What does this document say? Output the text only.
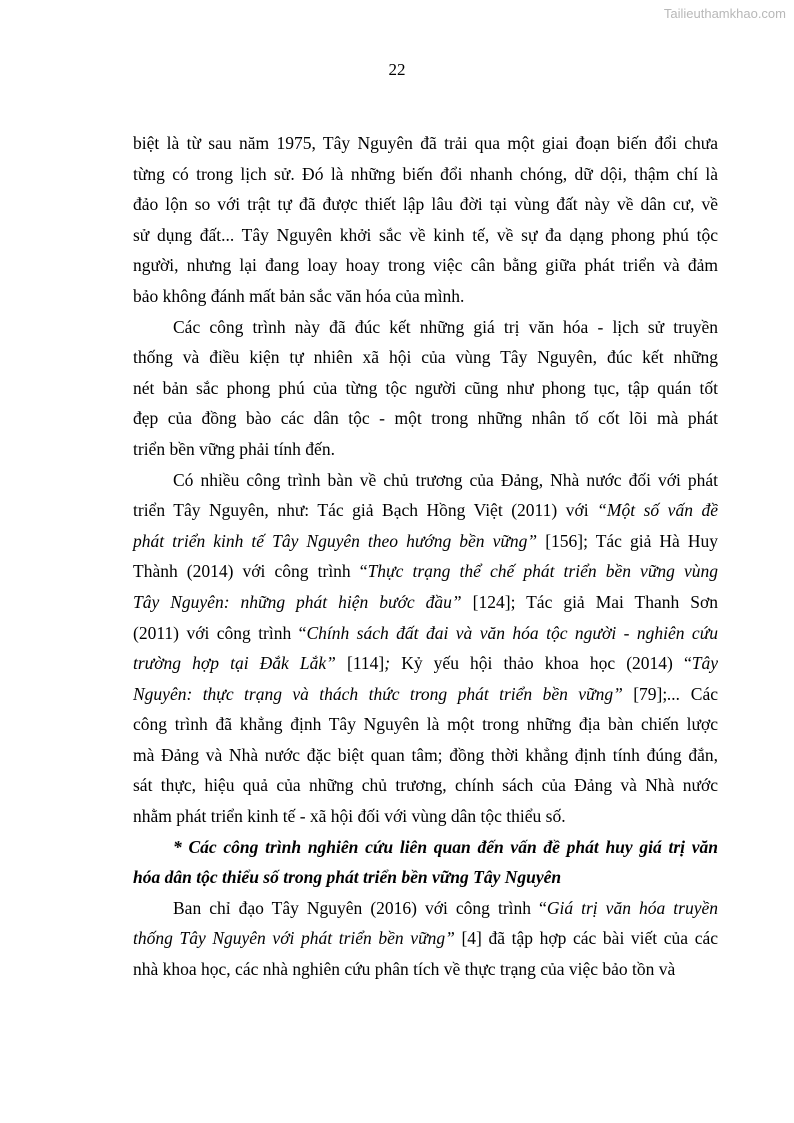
Tailieuthamkhao.com
22
biệt là từ sau năm 1975, Tây Nguyên đã trải qua một giai đoạn biến đổi chưa
từng có trong lịch sử. Đó là những biến đổi nhanh chóng, dữ dội, thậm chí là
đảo lộn so với trật tự đã được thiết lập lâu đời tại vùng đất này về dân cư, về
sử dụng đất... Tây Nguyên khởi sắc về kinh tế, về sự đa dạng phong phú tộc
người, nhưng lại đang loay hoay trong việc cân bằng giữa phát triển và đảm
bảo không đánh mất bản sắc văn hóa của mình.
Các công trình này đã đúc kết những giá trị văn hóa - lịch sử truyền
thống và điều kiện tự nhiên xã hội của vùng Tây Nguyên, đúc kết những
nét bản sắc phong phú của từng tộc người cũng như phong tục, tập quán tốt
đẹp của đồng bào các dân tộc - một trong những nhân tố cốt lõi mà phát
triển bền vững phải tính đến.
Có nhiều công trình bàn về chủ trương của Đảng, Nhà nước đối với phát
triển Tây Nguyên, như: Tác giả Bạch Hồng Việt (2011) với “Một số vấn đề
phát triển kinh tế Tây Nguyên theo hướng bền vững” [156]; Tác giả Hà Huy
Thành (2014) với công trình “Thực trạng thể chế phát triển bền vững vùng
Tây Nguyên: những phát hiện bước đầu” [124]; Tác giả Mai Thanh Sơn
(2011) với công trình “Chính sách đất đai và văn hóa tộc người - nghiên cứu
trường hợp tại Đắk Lắk” [114]; Kỷ yếu hội thảo khoa học (2014) “Tây
Nguyên: thực trạng và thách thức trong phát triển bền vững” [79];... Các
công trình đã khẳng định Tây Nguyên là một trong những địa bàn chiến lược
mà Đảng và Nhà nước đặc biệt quan tâm; đồng thời khẳng định tính đúng đắn,
sát thực, hiệu quả của những chủ trương, chính sách của Đảng và Nhà nước
nhằm phát triển kinh tế - xã hội đối với vùng dân tộc thiểu số.
* Các công trình nghiên cứu liên quan đến vấn đề phát huy giá trị văn
hóa dân tộc thiểu số trong phát triển bền vững Tây Nguyên
Ban chỉ đạo Tây Nguyên (2016) với công trình “Giá trị văn hóa truyền
thống Tây Nguyên với phát triển bền vững” [4] đã tập hợp các bài viết của các
nhà khoa học, các nhà nghiên cứu phân tích về thực trạng của việc bảo tồn và
